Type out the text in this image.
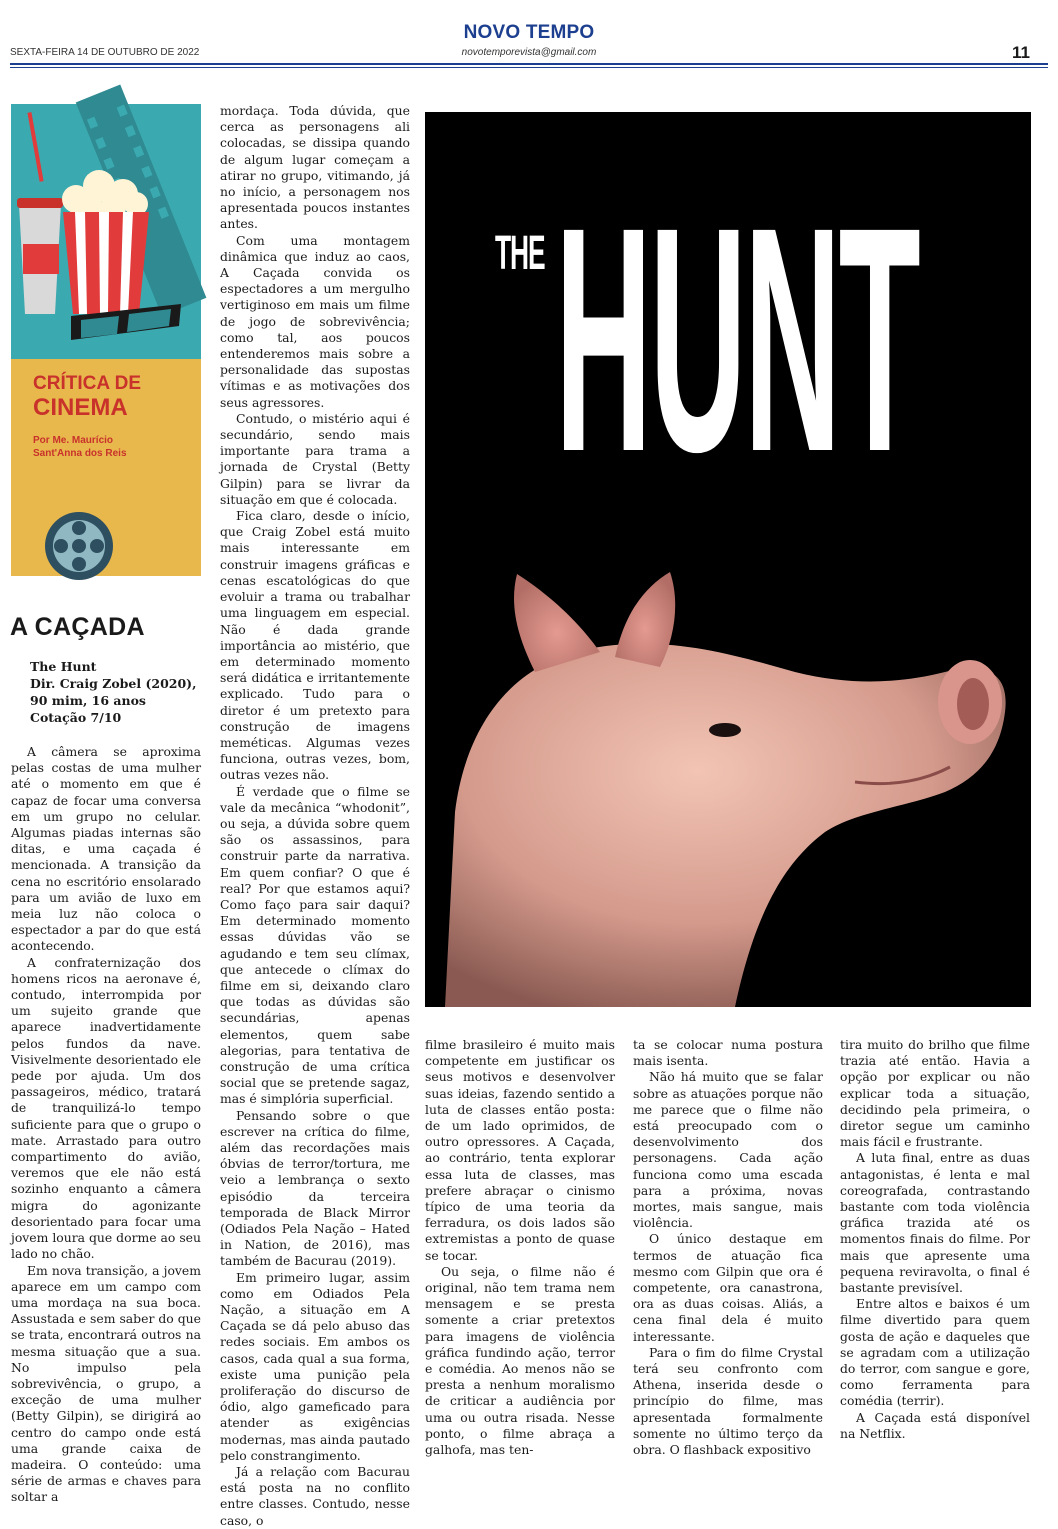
NOVO TEMPO
SEXTA-FEIRA 14 DE OUTUBRO DE 2022	novotemporevista@gmail.com	11
CRÍTICA DE
CINEMA
Por Me. Maurício
Sant'Anna dos Reis
A CAÇADA
The Hunt
Dir. Craig Zobel (2020), 90 mim, 16 anos
Cotação 7/10

A câmera se aproxima pelas costas de uma mulher até o momento em que é capaz de focar uma conversa em um grupo no celular. Algumas piadas internas são ditas, e uma caçada é mencionada. A transição da cena no escritório ensolarado para um avião de luxo em meia luz não coloca o espectador a par do que está acontecendo.

A confraternização dos homens ricos na aeronave é, contudo, interrompida por um sujeito grande que aparece inadvertidamente pelos fundos da nave. Visivelmente desorientado ele pede por ajuda. Um dos passageiros, médico, tratará de tranquilizá-lo tempo suficiente para que o grupo o mate. Arrastado para outro compartimento do avião, veremos que ele não está sozinho enquanto a câmera migra do agonizante desorientado para focar uma jovem loura que dorme ao seu lado no chão.

Em nova transição, a jovem aparece em um campo com uma mordaça na sua boca. Assustada e sem saber do que se trata, encontrará outros na mesma situação que a sua. No impulso pela sobrevivência, o grupo, a exceção de uma mulher (Betty Gilpin), se dirigirá ao centro do campo onde está uma grande caixa de madeira. O conteúdo: uma série de armas e chaves para soltar a

mordaça. Toda dúvida, que cerca as personagens ali colocadas, se dissipa quando de algum lugar começam a atirar no grupo, vitimando, já no início, a personagem nos apresentada poucos instantes antes.

Com uma montagem dinâmica que induz ao caos, A Caçada convida os espectadores a um mergulho vertiginoso em mais um filme de jogo de sobrevivência; como tal, aos poucos entenderemos mais sobre a personalidade das supostas vítimas e as motivações dos seus agressores.

Contudo, o mistério aqui é secundário, sendo mais importante para trama a jornada de Crystal (Betty Gilpin) para se livrar da situação em que é colocada.

Fica claro, desde o início, que Craig Zobel está muito mais interessante em construir imagens gráficas e cenas escatológicas do que evoluir a trama ou trabalhar uma linguagem em especial. Não é dada grande importância ao mistério, que em determinado momento será didática e irritantemente explicado. Tudo para o diretor é um pretexto para construção de imagens meméticas. Algumas vezes funciona, outras vezes, bom, outras vezes não.

É verdade que o filme se vale da mecânica “whodonit”, ou seja, a dúvida sobre quem são os assassinos, para construir parte da narrativa. Em quem confiar? O que é real? Por que estamos aqui? Como faço para sair daqui? Em determinado momento essas dúvidas vão se agudando e tem seu clímax, que antecede o clímax do filme em si, deixando claro que todas as dúvidas são secundárias, apenas elementos, quem sabe alegorias, para tentativa de construção de uma crítica social que se pretende sagaz, mas é simplória superficial.

Pensando sobre o que escrever na crítica do filme, além das recordações mais óbvias de terror/tortura, me veio a lembrança o sexto episódio da terceira temporada de Black Mirror (Odiados Pela Nação – Hated in Nation, de 2016), mas também de Bacurau (2019).

Em primeiro lugar, assim como em Odiados Pela Nação, a situação em A Caçada se dá pelo abuso das redes sociais. Em ambos os casos, cada qual a sua forma, existe uma punição pela proliferação do discurso de ódio, algo gameficado para atender as exigências modernas, mas ainda pautado pelo constrangimento.

Já a relação com Bacurau está posta na no conflito entre classes. Contudo, nesse caso, o

THE HUNT

filme brasileiro é muito mais competente em justificar os seus motivos e desenvolver suas ideias, fazendo sentido a luta de classes então posta: de um lado oprimidos, de outro opressores. A Caçada, ao contrário, tenta explorar essa luta de classes, mas prefere abraçar o cinismo típico de uma teoria da ferradura, os dois lados são extremistas a ponto de quase se tocar.

Ou seja, o filme não é original, não tem trama nem mensagem e se presta somente a criar pretextos para imagens de violência gráfica fundindo ação, terror e comédia. Ao menos não se presta a nenhum moralismo de criticar a audiência por uma ou outra risada. Nesse ponto, o filme abraça a galhofa, mas ten-

ta se colocar numa postura mais isenta.

Não há muito que se falar sobre as atuações porque não me parece que o filme não está preocupado com o desenvolvimento dos personagens. Cada ação funciona como uma escada para a próxima, novas mortes, mais sangue, mais violência.

O único destaque em termos de atuação fica mesmo com Gilpin que ora é competente, ora canastrona, ora as duas coisas. Aliás, a cena final dela é muito interessante.

Para o fim do filme Crystal terá seu confronto com Athena, inserida desde o princípio do filme, mas apresentada formalmente somente no último terço da obra. O flashback expositivo

tira muito do brilho que filme trazia até então. Havia a opção por explicar ou não explicar toda a situação, decidindo pela primeira, o diretor segue um caminho mais fácil e frustrante.

A luta final, entre as duas antagonistas, é lenta e mal coreografada, contrastando bastante com toda violência gráfica trazida até os momentos finais do filme. Por mais que apresente uma pequena reviravolta, o final é bastante previsível.

Entre altos e baixos é um filme divertido para quem gosta de ação e daqueles que se agradam com a utilização do terror, com sangue e gore, como ferramenta para comédia (terrir).

A Caçada está disponível na Netflix.
